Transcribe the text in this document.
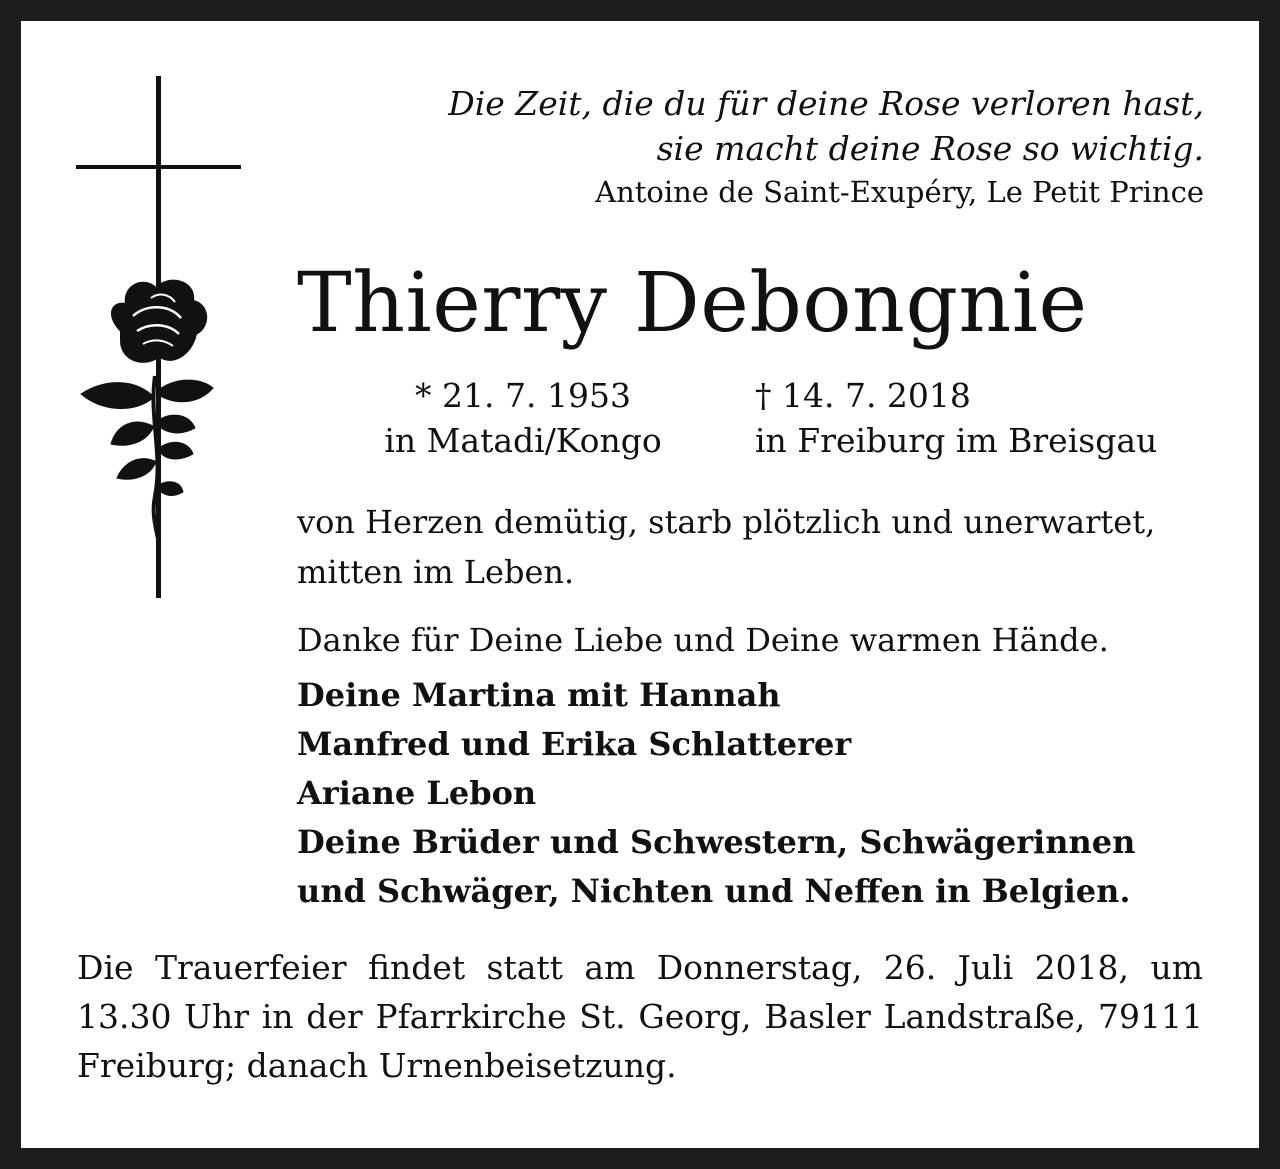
Die Zeit, die du für deine Rose verloren hast,
sie macht deine Rose so wichtig.
Antoine de Saint-Exupéry, Le Petit Prince
Thierry Debongnie
* 21. 7. 1953
in Matadi/Kongo
† 14. 7. 2018
in Freiburg im Breisgau
von Herzen demütig, starb plötzlich und unerwartet,
mitten im Leben.
Danke für Deine Liebe und Deine warmen Hände.
Deine Martina mit Hannah
Manfred und Erika Schlatterer
Ariane Lebon
Deine Brüder und Schwestern, Schwägerinnen
und Schwäger, Nichten und Neffen in Belgien.
Die Trauerfeier findet statt am Donnerstag, 26. Juli 2018, um 13.30 Uhr in der Pfarrkirche St. Georg, Basler Landstraße, 79111 Freiburg; danach Urnenbeisetzung.
